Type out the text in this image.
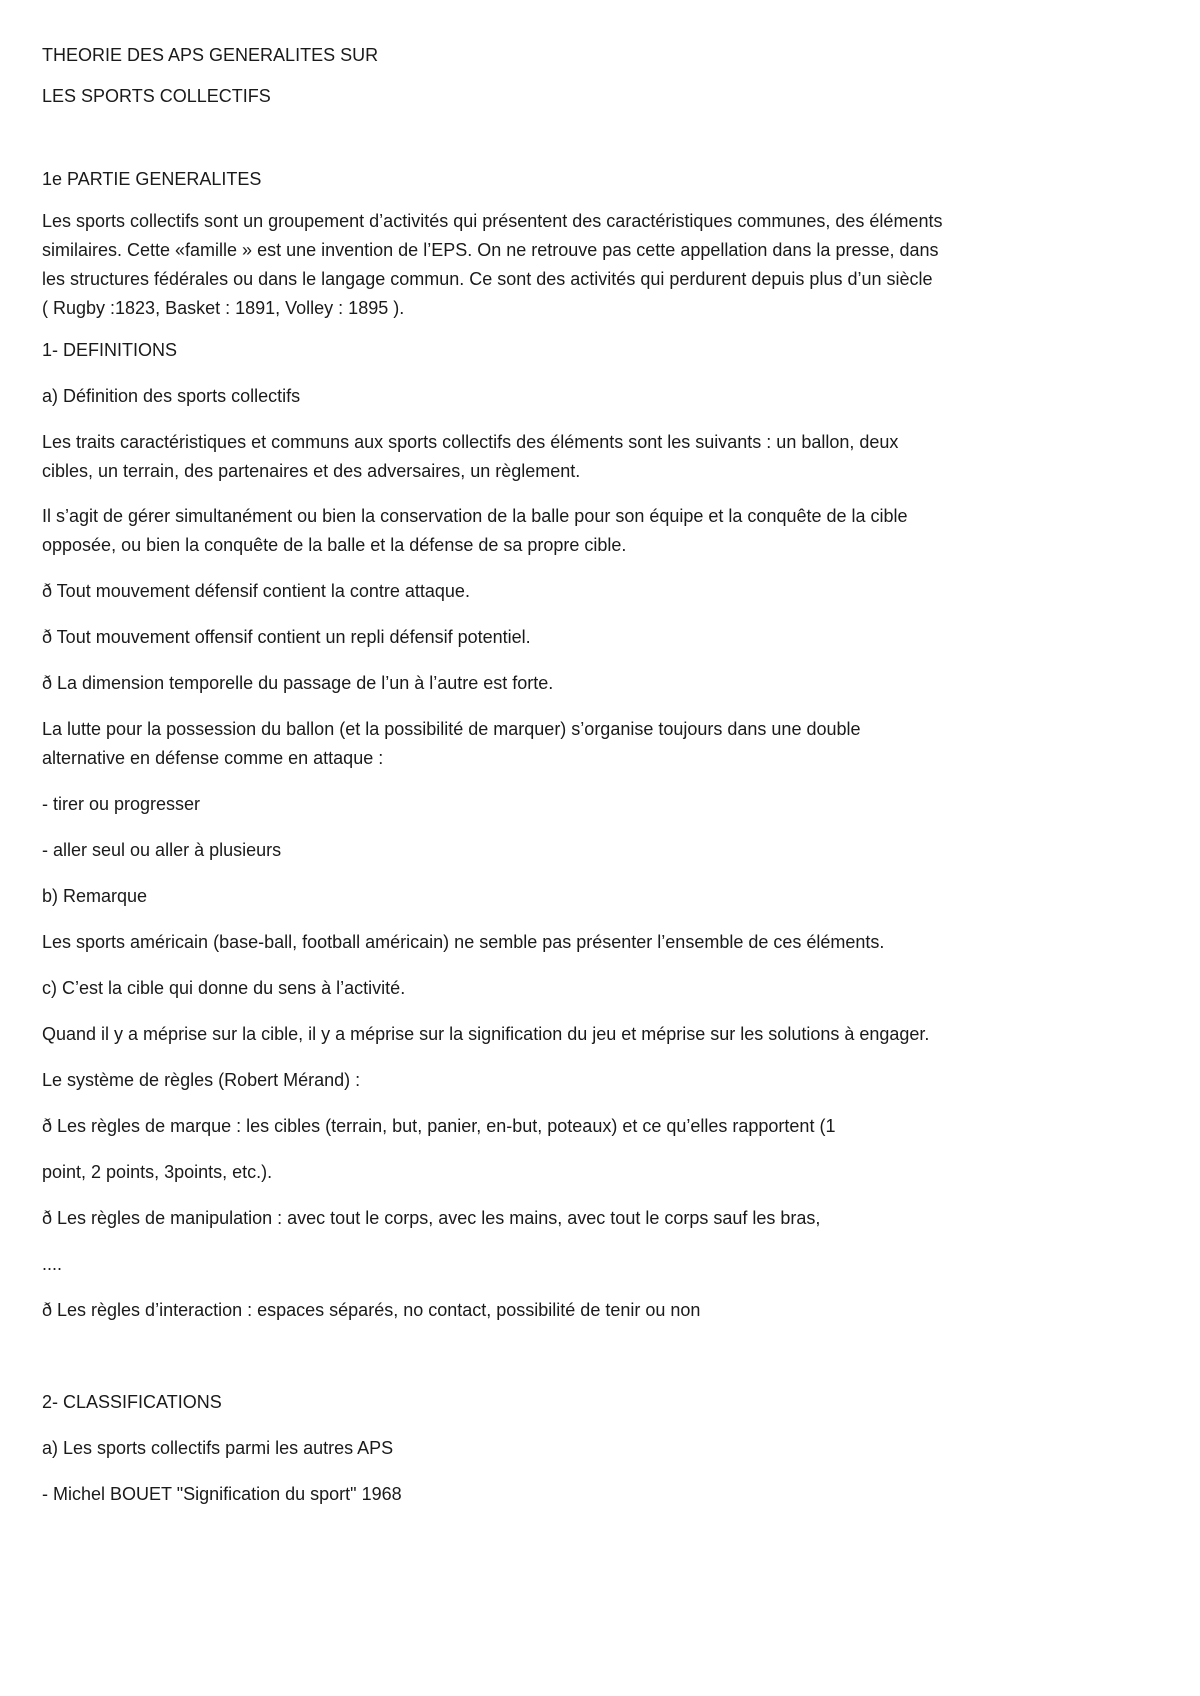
THEORIE DES APS GENERALITES SUR

LES SPORTS COLLECTIFS

1e PARTIE GENERALITES

Les sports collectifs sont un groupement d’activités qui présentent des caractéristiques communes, des éléments

similaires. Cette «famille » est une invention de l’EPS. On ne retrouve pas cette appellation dans la presse, dans

les structures fédérales ou dans le langage commun. Ce sont des activités qui perdurent depuis plus d’un siècle

( Rugby :1823, Basket : 1891, Volley : 1895 ).

1- DEFINITIONS

a) Définition des sports collectifs

Les traits caractéristiques et communs aux sports collectifs des éléments sont les suivants : un ballon, deux

cibles, un terrain, des partenaires et des adversaires, un règlement.

Il s’agit de gérer simultanément ou bien la conservation de la balle pour son équipe et la conquête de la cible

opposée, ou bien la conquête de la balle et la défense de sa propre cible.

ð Tout mouvement défensif contient la contre attaque.

ð Tout mouvement offensif contient un repli défensif potentiel.

ð La dimension temporelle du passage de l’un à l’autre est forte.

La lutte pour la possession du ballon (et la possibilité de marquer) s’organise toujours dans une double

alternative en défense comme en attaque :

- tirer ou progresser

- aller seul ou aller à plusieurs

b) Remarque

Les sports américain (base-ball, football américain) ne semble pas présenter l’ensemble de ces éléments.

c) C’est la cible qui donne du sens à l’activité.

Quand il y a méprise sur la cible, il y a méprise sur la signification du jeu et méprise sur les solutions à engager.

Le système de règles (Robert Mérand) :

ð Les règles de marque : les cibles (terrain, but, panier, en-but, poteaux) et ce qu’elles rapportent (1

point, 2 points, 3points, etc.).

ð Les règles de manipulation : avec tout le corps, avec les mains, avec tout le corps sauf les bras,

....

ð Les règles d’interaction : espaces séparés, no contact, possibilité de tenir ou non

2- CLASSIFICATIONS

a) Les sports collectifs parmi les autres APS

- Michel BOUET "Signification du sport" 1968
